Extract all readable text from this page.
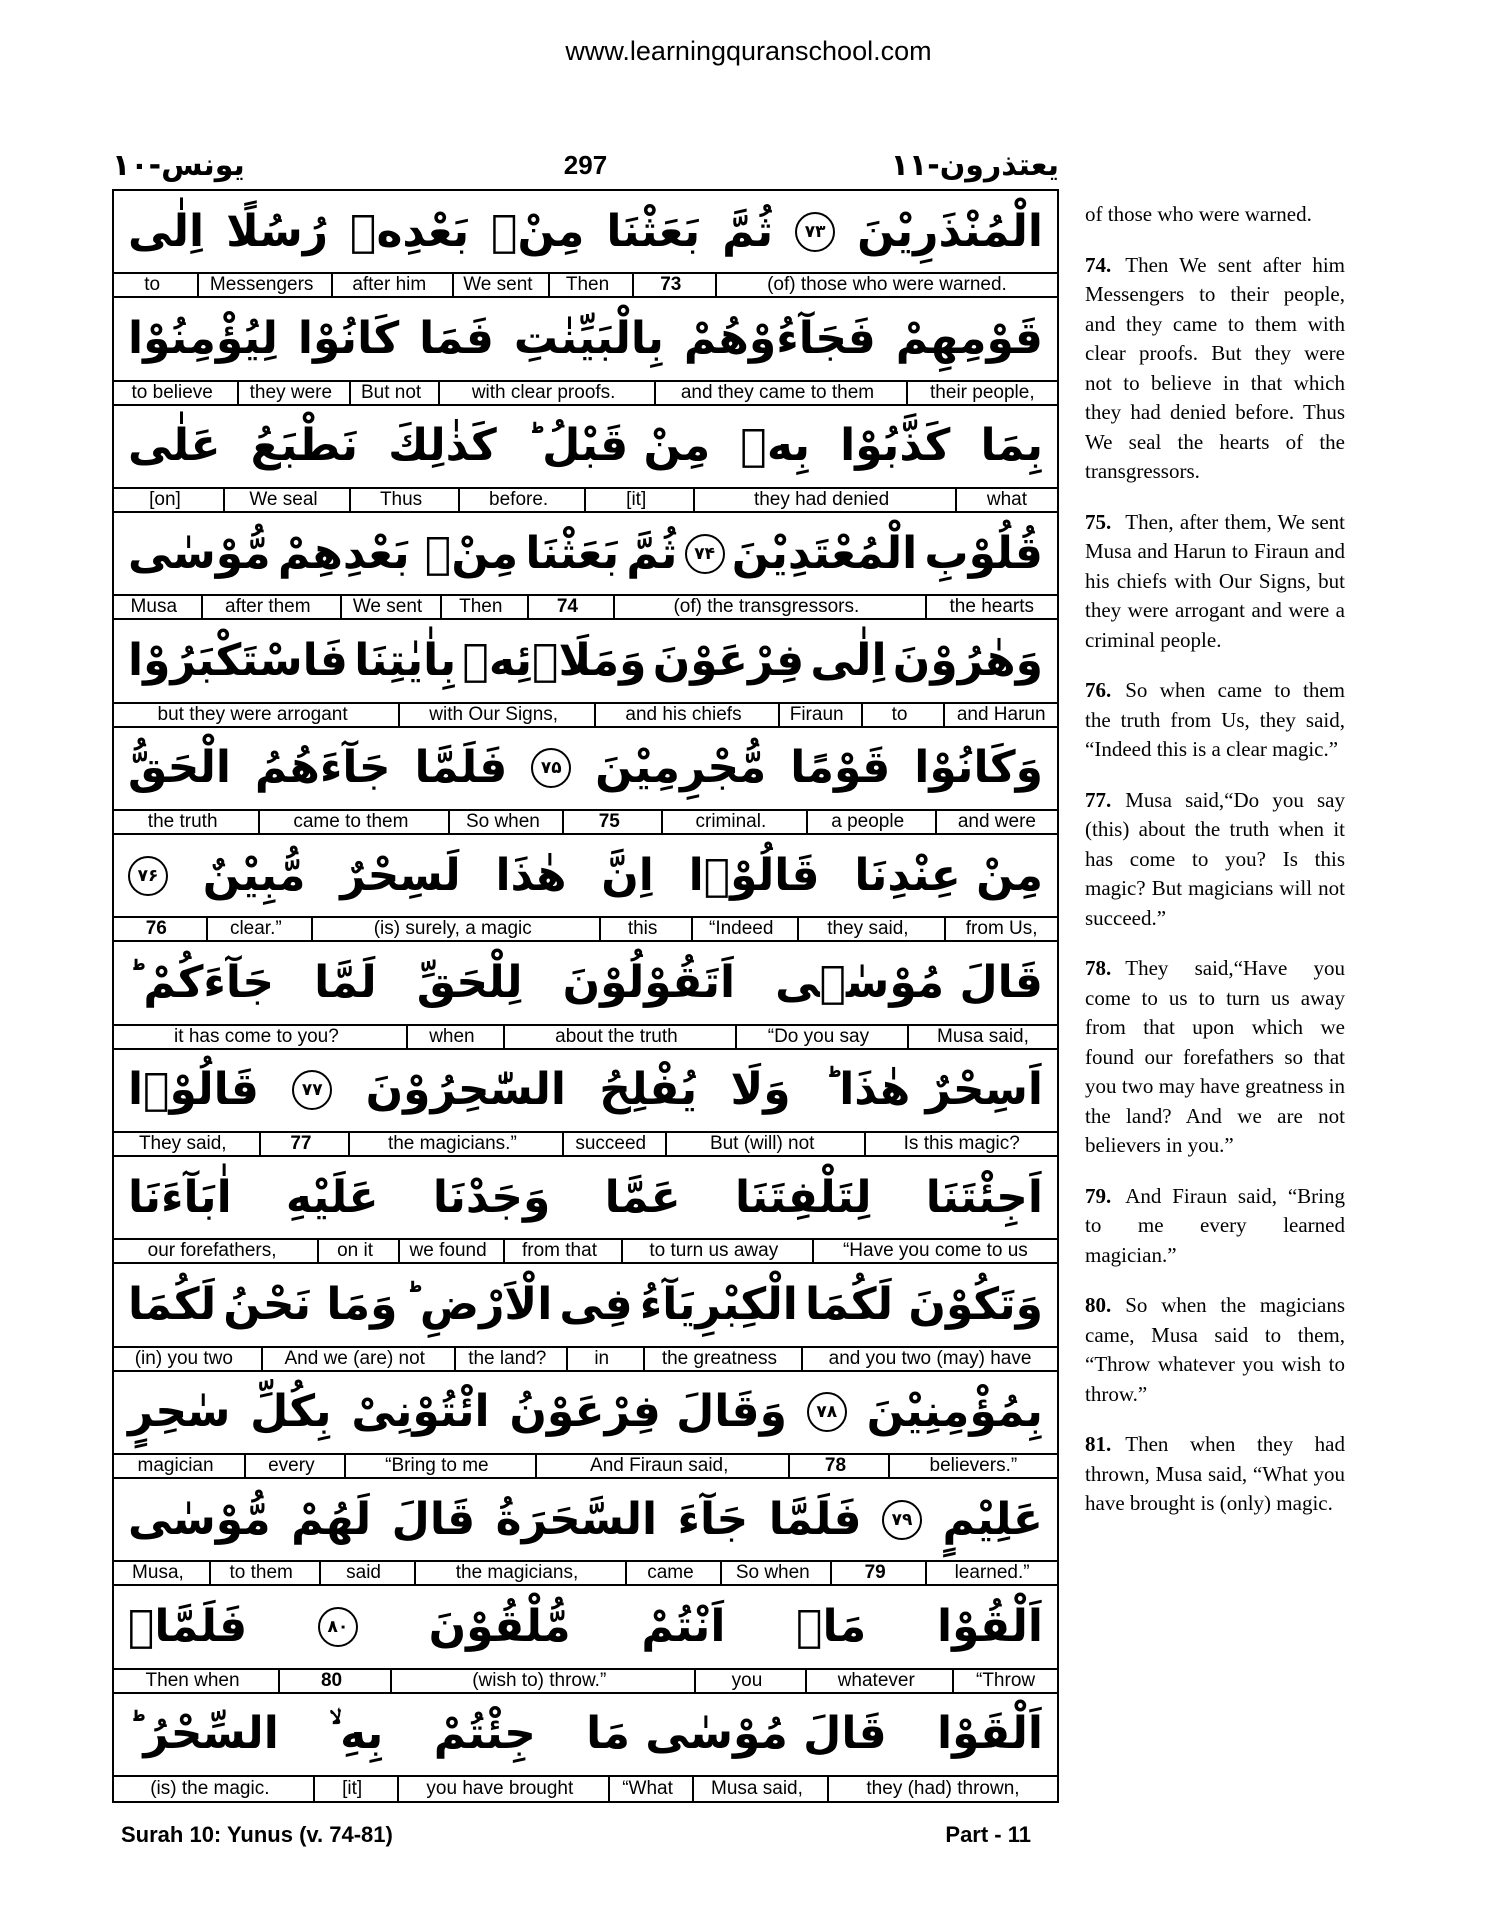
www.learningquranschool.com
یعتذرون-۱۱
297
یونس-۱۰
الْمُنْذَرِيْنَ
۷۳
ثُمَّ
بَعَثْنَا
مِنْۢ
بَعْدِهٖ
رُسُلًا
اِلٰى
(of) those who were warned.
73
Then
We sent
after him
Messengers
to
قَوْمِهِمْ
فَجَآءُوْهُمْ
بِالْبَيِّنٰتِ
فَمَا
كَانُوْا
لِيُؤْمِنُوْا
their people,
and they came to them
with clear proofs.
But not
they were
to believe
بِمَا
كَذَّبُوْا
بِهٖ
مِنْ قَبْلُ ؕ
كَذٰلِكَ
نَطْبَعُ
عَلٰى
what
they had denied
[it]
before.
Thus
We seal
[on]
قُلُوْبِ
الْمُعْتَدِيْنَ
۷۴
ثُمَّ
بَعَثْنَا
مِنْۢ بَعْدِهِمْ
مُّوْسٰى
the hearts
(of) the transgressors.
74
Then
We sent
after them
Musa
وَهٰرُوْنَ
اِلٰى
فِرْعَوْنَ
وَمَلَا۟ئِهٖ
بِاٰيٰتِنَا
فَاسْتَكْبَرُوْا
and Harun
to
Firaun
and his chiefs
with Our Signs,
but they were arrogant
وَكَانُوْا
قَوْمًا
مُّجْرِمِيْنَ
۷۵
فَلَمَّا
جَآءَهُمُ
الْحَقُّ
and were
a people
criminal.
75
So when
came to them
the truth
مِنْ عِنْدِنَا
قَالُوْۤا
اِنَّ
هٰذَا
لَسِحْرٌ
مُّبِيْنٌ
۷۶
from Us,
they said,
“Indeed
this
(is) surely, a magic
clear.”
76
قَالَ مُوْسٰۤى
اَتَقُوْلُوْنَ
لِلْحَقِّ
لَمَّا
جَآءَكُمْ ؕ
Musa said,
“Do you say
about the truth
when
it has come to you?
اَسِحْرٌ هٰذَا ؕ
وَلَا
يُفْلِحُ
السّٰحِرُوْنَ
۷۷
قَالُوْۤا
Is this magic?
But (will) not
succeed
the magicians.”
77
They said,
اَجِئْتَنَا
لِتَلْفِتَنَا
عَمَّا
وَجَدْنَا
عَلَيْهِ
اٰبَآءَنَا
“Have you come to us
to turn us away
from that
we found
on it
our forefathers,
وَتَكُوْنَ لَكُمَا
الْكِبْرِيَآءُ
فِى
الْاَرْضِ ؕ
وَمَا نَحْنُ
لَكُمَا
and you two (may) have
the greatness
in
the land?
And we (are) not
(in) you two
بِمُؤْمِنِيْنَ
۷۸
وَقَالَ فِرْعَوْنُ
ائْتُوْنِىْ
بِكُلِّ
سٰحِرٍ
believers.”
78
And Firaun said,
“Bring to me
every
magician
عَلِيْمٍ
۷۹
فَلَمَّا
جَآءَ
السَّحَرَةُ
قَالَ
لَهُمْ
مُّوْسٰى
learned.”
79
So when
came
the magicians,
said
to them
Musa,
اَلْقُوْا
مَاۤ
اَنْتُمْ
مُّلْقُوْنَ
۸۰
فَلَمَّاۤ
“Throw
whatever
you
(wish to) throw.”
80
Then when
اَلْقَوْا
قَالَ مُوْسٰى مَا
جِئْتُمْ
بِهِ ۙ
السِّحْرُ ؕ
they (had) thrown,
Musa said,
“What
you have brought
[it]
(is) the magic.

of those who were warned.

74. Then We sent after him Messengers to their people, and they came to them with clear proofs. But they were not to believe in that which they had denied before. Thus We seal the hearts of the transgressors.

75. Then, after them, We sent Musa and Harun to Firaun and his chiefs with Our Signs, but they were arrogant and were a criminal people.

76. So when came to them the truth from Us, they said, “Indeed this is a clear magic.”

77. Musa said,“Do you say (this) about the truth when it has come to you? Is this magic? But magicians will not succeed.”

78. They said,“Have you come to us to turn us away from that upon which we found our forefathers so that you two may have greatness in the land? And we are not believers in you.”

79. And Firaun said, “Bring to me every learned magician.”

80. So when the magicians came, Musa said to them, “Throw whatever you wish to throw.”

81. Then when they had thrown, Musa said, “What you have brought is (only) magic.

Surah 10: Yunus (v. 74-81)	Part - 11
